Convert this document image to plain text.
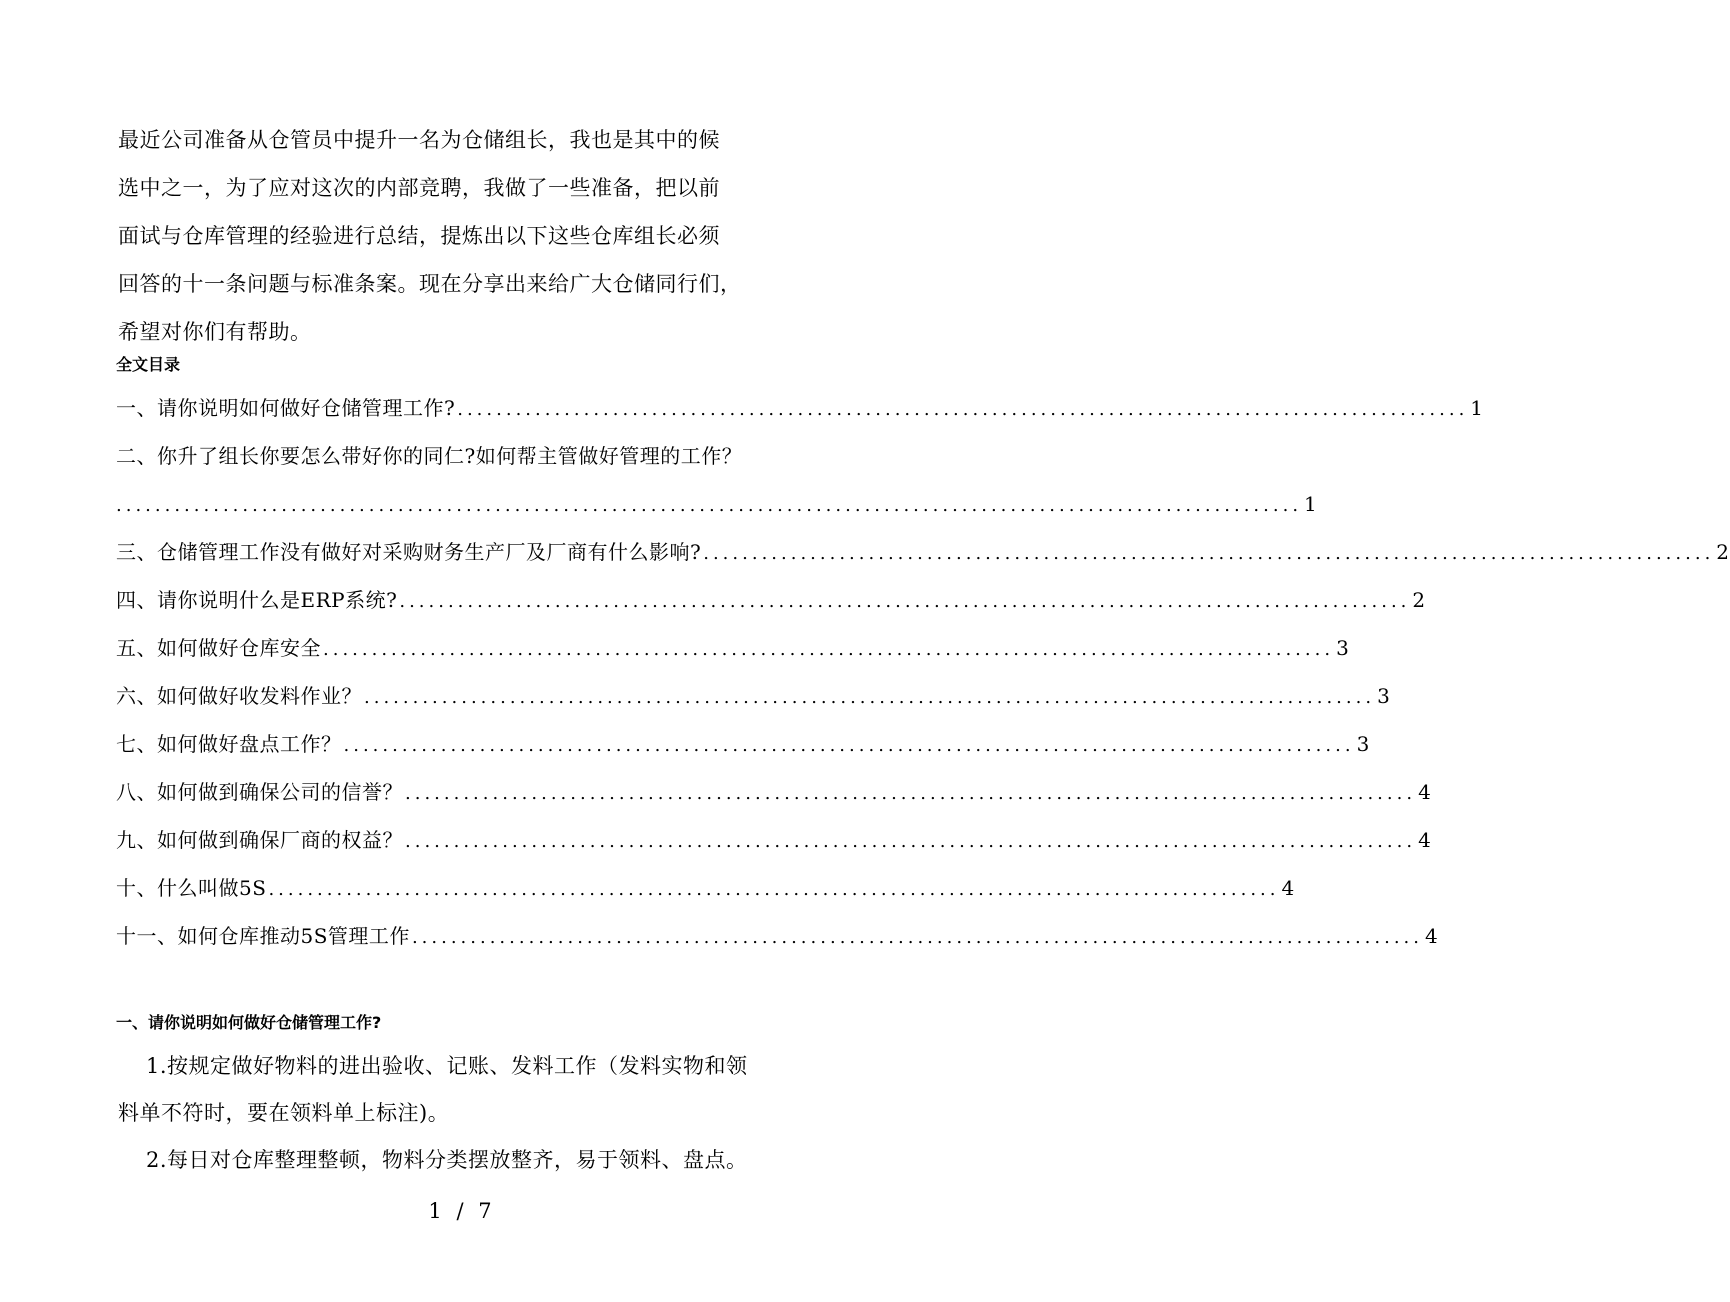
最近公司准备从仓管员中提升一名为仓储组长，我也是其中的候

选中之一，为了应对这次的内部竞聘，我做了一些准备，把以前

面试与仓库管理的经验进行总结，提炼出以下这些仓库组长必须

回答的十一条问题与标准条案。现在分享出来给广大仓储同行们，

希望对你们有帮助。

全文目录
一、请你说明如何做好仓储管理工作? ........................................................................................................ 1
二、你升了组长你要怎么带好你的同仁?如何帮主管做好管理的工作？
.......................................................................................................................... 1
三、仓储管理工作没有做好对采购财务生产厂及厂商有什么影响? ........................................................................................................ 2
四、请你说明什么是ERP系统? ........................................................................................................ 2
五、如何做好仓库安全 ........................................................................................................ 3
六、如何做好收发料作业？ ........................................................................................................ 3
七、如何做好盘点工作？ ........................................................................................................ 3
八、如何做到确保公司的信誉？ ........................................................................................................ 4
九、如何做到确保厂商的权益？ ........................................................................................................ 4
十、什么叫做5S ........................................................................................................ 4
十一、如何仓库推动5S管理工作 ........................................................................................................ 4
一、请你说明如何做好仓储管理工作?

1.按规定做好物料的进出验收、记账、发料工作（发料实物和领

料单不符时，要在领料单上标注)。

2.每日对仓库整理整顿，物料分类摆放整齐，易于领料、盘点。

1 / 7
